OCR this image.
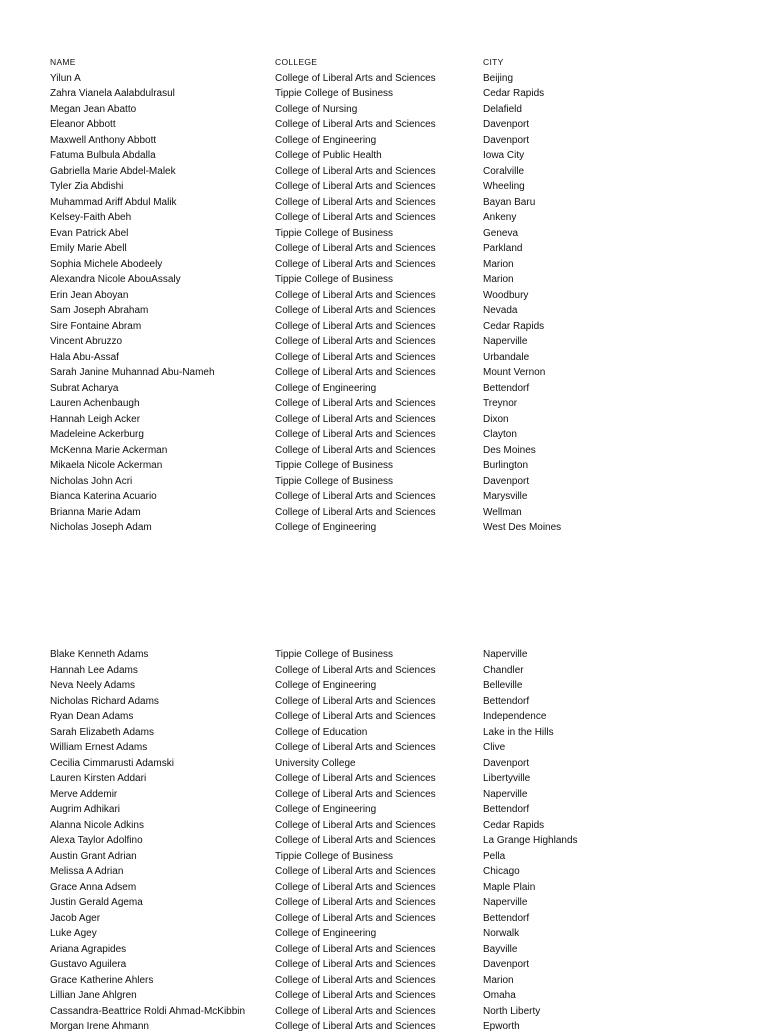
NAME	COLLEGE	CITY
Yilun A	College of Liberal Arts and Sciences	Beijing
Zahra Vianela Aalabdulrasul	Tippie College of Business	Cedar Rapids
Megan Jean Abatto	College of Nursing	Delafield
Eleanor Abbott	College of Liberal Arts and Sciences	Davenport
Maxwell Anthony Abbott	College of Engineering	Davenport
Fatuma Bulbula Abdalla	College of Public Health	Iowa City
Gabriella Marie Abdel-Malek	College of Liberal Arts and Sciences	Coralville
Tyler Zia Abdishi	College of Liberal Arts and Sciences	Wheeling
Muhammad Ariff Abdul Malik	College of Liberal Arts and Sciences	Bayan Baru
Kelsey-Faith Abeh	College of Liberal Arts and Sciences	Ankeny
Evan Patrick Abel	Tippie College of Business	Geneva
Emily Marie Abell	College of Liberal Arts and Sciences	Parkland
Sophia Michele Abodeely	College of Liberal Arts and Sciences	Marion
Alexandra Nicole AbouAssaly	Tippie College of Business	Marion
Erin Jean Aboyan	College of Liberal Arts and Sciences	Woodbury
Sam Joseph Abraham	College of Liberal Arts and Sciences	Nevada
Sire Fontaine Abram	College of Liberal Arts and Sciences	Cedar Rapids
Vincent Abruzzo	College of Liberal Arts and Sciences	Naperville
Hala Abu-Assaf	College of Liberal Arts and Sciences	Urbandale
Sarah Janine Muhannad Abu-Nameh	College of Liberal Arts and Sciences	Mount Vernon
Subrat Acharya	College of Engineering	Bettendorf
Lauren Achenbaugh	College of Liberal Arts and Sciences	Treynor
Hannah Leigh Acker	College of Liberal Arts and Sciences	Dixon
Madeleine Ackerburg	College of Liberal Arts and Sciences	Clayton
McKenna Marie Ackerman	College of Liberal Arts and Sciences	Des Moines
Mikaela Nicole Ackerman	Tippie College of Business	Burlington
Nicholas John Acri	Tippie College of Business	Davenport
Bianca Katerina Acuario	College of Liberal Arts and Sciences	Marysville
Brianna Marie Adam	College of Liberal Arts and Sciences	Wellman
Nicholas Joseph Adam	College of Engineering	West Des Moines
Blake Kenneth Adams	Tippie College of Business	Naperville
Hannah Lee Adams	College of Liberal Arts and Sciences	Chandler
Neva Neely Adams	College of Engineering	Belleville
Nicholas Richard Adams	College of Liberal Arts and Sciences	Bettendorf
Ryan Dean Adams	College of Liberal Arts and Sciences	Independence
Sarah Elizabeth Adams	College of Education	Lake in the Hills
William Ernest Adams	College of Liberal Arts and Sciences	Clive
Cecilia Cimmarusti Adamski	University College	Davenport
Lauren Kirsten Addari	College of Liberal Arts and Sciences	Libertyville
Merve Addemir	College of Liberal Arts and Sciences	Naperville
Augrim Adhikari	College of Engineering	Bettendorf
Alanna Nicole Adkins	College of Liberal Arts and Sciences	Cedar Rapids
Alexa Taylor Adolfino	College of Liberal Arts and Sciences	La Grange Highlands
Austin Grant Adrian	Tippie College of Business	Pella
Melissa A Adrian	College of Liberal Arts and Sciences	Chicago
Grace Anna Adsem	College of Liberal Arts and Sciences	Maple Plain
Justin Gerald Agema	College of Liberal Arts and Sciences	Naperville
Jacob Ager	College of Liberal Arts and Sciences	Bettendorf
Luke Agey	College of Engineering	Norwalk
Ariana Agrapides	College of Liberal Arts and Sciences	Bayville
Gustavo Aguilera	College of Liberal Arts and Sciences	Davenport
Grace Katherine Ahlers	College of Liberal Arts and Sciences	Marion
Lillian Jane Ahlgren	College of Liberal Arts and Sciences	Omaha
Cassandra-Beattrice Roldi Ahmad-McKibbin	College of Liberal Arts and Sciences	North Liberty
Morgan Irene Ahmann	College of Liberal Arts and Sciences	Epworth
